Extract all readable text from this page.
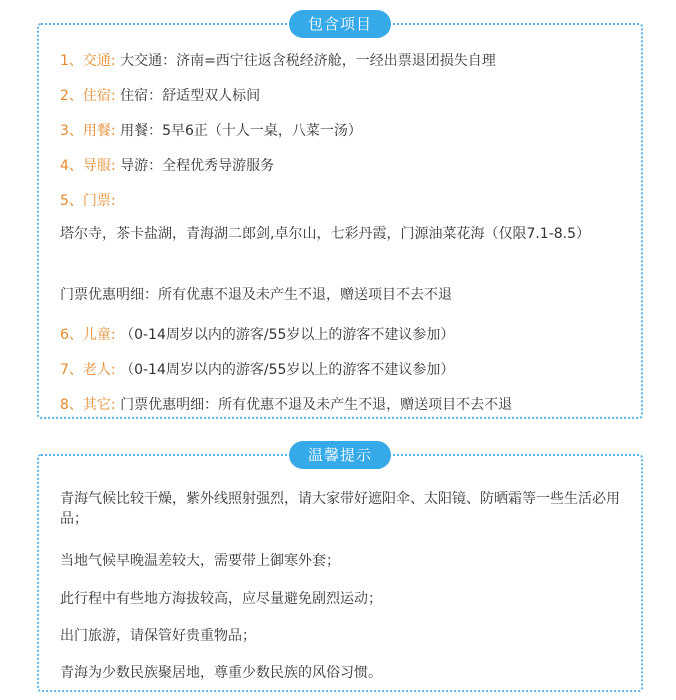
包含项目
1、交通: 大交通：济南=西宁往返含税经济舱，一经出票退团损失自理
2、住宿: 住宿：舒适型双人标间
3、用餐: 用餐：5早6正（十人一桌，八菜一汤）
4、导服: 导游：全程优秀导游服务
5、门票:
塔尔寺，茶卡盐湖，青海湖二郎剑,卓尔山，七彩丹霞，门源油菜花海（仅限7.1-8.5）
门票优惠明细：所有优惠不退及未产生不退，赠送项目不去不退
6、儿童: （0-14周岁以内的游客/55岁以上的游客不建议参加）
7、老人: （0-14周岁以内的游客/55岁以上的游客不建议参加）
8、其它: 门票优惠明细：所有优惠不退及未产生不退，赠送项目不去不退
温馨提示
青海气候比较干燥，紫外线照射强烈，请大家带好遮阳伞、太阳镜、防晒霜等一些生活必用品；
当地气候早晚温差较大，需要带上御寒外套；
此行程中有些地方海拔较高，应尽量避免剧烈运动；
出门旅游，请保管好贵重物品；
青海为少数民族聚居地，尊重少数民族的风俗习惯。
